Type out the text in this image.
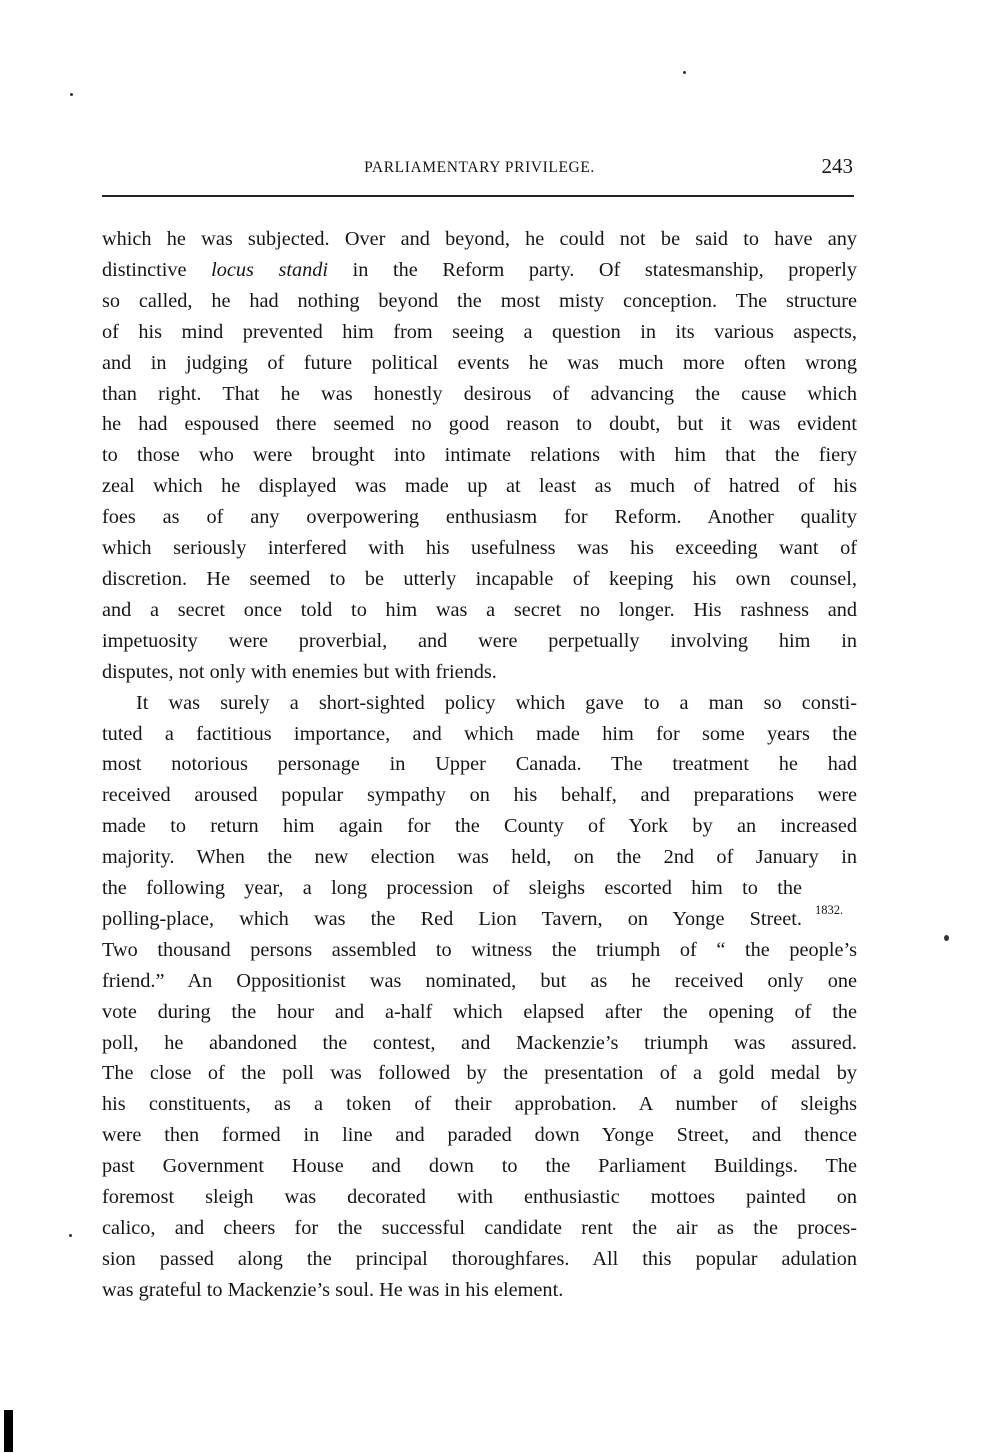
PARLIAMENTARY PRIVILEGE.	243

which he was subjected. Over and beyond, he could not be said to have any
distinctive locus standi in the Reform party. Of statesmanship, properly
so called, he had nothing beyond the most misty conception. The structure
of his mind prevented him from seeing a question in its various aspects,
and in judging of future political events he was much more often wrong
than right. That he was honestly desirous of advancing the cause which
he had espoused there seemed no good reason to doubt, but it was evident
to those who were brought into intimate relations with him that the fiery
zeal which he displayed was made up at least as much of hatred of his
foes as of any overpowering enthusiasm for Reform. Another quality
which seriously interfered with his usefulness was his exceeding want of
discretion. He seemed to be utterly incapable of keeping his own counsel,
and a secret once told to him was a secret no longer. His rashness and
impetuosity were proverbial, and were perpetually involving him in
disputes, not only with enemies but with friends.

It was surely a short-sighted policy which gave to a man so consti-
tuted a factitious importance, and which made him for some years the
most notorious personage in Upper Canada. The treatment he had
received aroused popular sympathy on his behalf, and preparations were
made to return him again for the County of York by an increased
majority. When the new election was held, on the 2nd of January in
the following year, a long procession of sleighs escorted him to the
polling-place, which was the Red Lion Tavern, on Yonge Street.
Two thousand persons assembled to witness the triumph of “ the people’s
friend.” An Oppositionist was nominated, but as he received only one
vote during the hour and a-half which elapsed after the opening of the
poll, he abandoned the contest, and Mackenzie’s triumph was assured.
The close of the poll was followed by the presentation of a gold medal by
his constituents, as a token of their approbation. A number of sleighs
were then formed in line and paraded down Yonge Street, and thence
past Government House and down to the Parliament Buildings. The
foremost sleigh was decorated with enthusiastic mottoes painted on
calico, and cheers for the successful candidate rent the air as the proces-
sion passed along the principal thoroughfares. All this popular adulation
was grateful to Mackenzie’s soul. He was in his element.

1832.
